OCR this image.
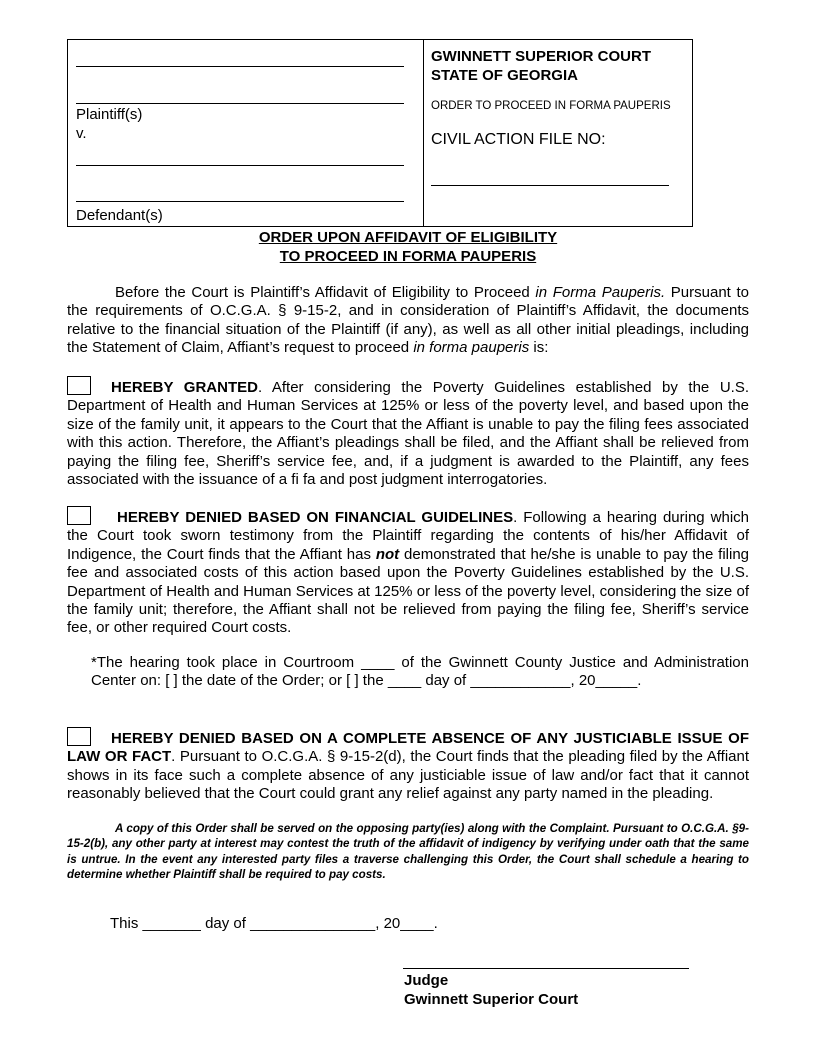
Plaintiff(s)
v.
Defendant(s)
GWINNETT SUPERIOR COURT
STATE OF GEORGIA
ORDER TO PROCEED IN FORMA PAUPERIS
CIVIL ACTION FILE NO:
ORDER UPON AFFIDAVIT OF ELIGIBILITY
TO PROCEED IN FORMA PAUPERIS
Before the Court is Plaintiff’s Affidavit of Eligibility to Proceed in Forma Pauperis. Pursuant to the requirements of O.C.G.A. § 9-15-2, and in consideration of Plaintiff’s Affidavit, the documents relative to the financial situation of the Plaintiff (if any), as well as all other initial pleadings, including the Statement of Claim, Affiant’s request to proceed in forma pauperis is:
HEREBY GRANTED. After considering the Poverty Guidelines established by the U.S. Department of Health and Human Services at 125% or less of the poverty level, and based upon the size of the family unit, it appears to the Court that the Affiant is unable to pay the filing fees associated with this action. Therefore, the Affiant’s pleadings shall be filed, and the Affiant shall be relieved from paying the filing fee, Sheriff’s service fee, and, if a judgment is awarded to the Plaintiff, any fees associated with the issuance of a fi fa and post judgment interrogatories.
HEREBY DENIED BASED ON FINANCIAL GUIDELINES. Following a hearing during which the Court took sworn testimony from the Plaintiff regarding the contents of his/her Affidavit of Indigence, the Court finds that the Affiant has not demonstrated that he/she is unable to pay the filing fee and associated costs of this action based upon the Poverty Guidelines established by the U.S. Department of Health and Human Services at 125% or less of the poverty level, considering the size of the family unit; therefore, the Affiant shall not be relieved from paying the filing fee, Sheriff’s service fee, or other required Court costs.
*The hearing took place in Courtroom ____ of the Gwinnett County Justice and Administration Center on: [ ] the date of the Order; or [ ] the ____ day of ____________, 20_____.
HEREBY DENIED BASED ON A COMPLETE ABSENCE OF ANY JUSTICIABLE ISSUE OF LAW OR FACT. Pursuant to O.C.G.A. § 9-15-2(d), the Court finds that the pleading filed by the Affiant shows in its face such a complete absence of any justiciable issue of law and/or fact that it cannot reasonably believed that the Court could grant any relief against any party named in the pleading.
A copy of this Order shall be served on the opposing party(ies) along with the Complaint. Pursuant to O.C.G.A. §9-15-2(b), any other party at interest may contest the truth of the affidavit of indigency by verifying under oath that the same is untrue. In the event any interested party files a traverse challenging this Order, the Court shall schedule a hearing to determine whether Plaintiff shall be required to pay costs.
This _______ day of _______________, 20____.
Judge
Gwinnett Superior Court
